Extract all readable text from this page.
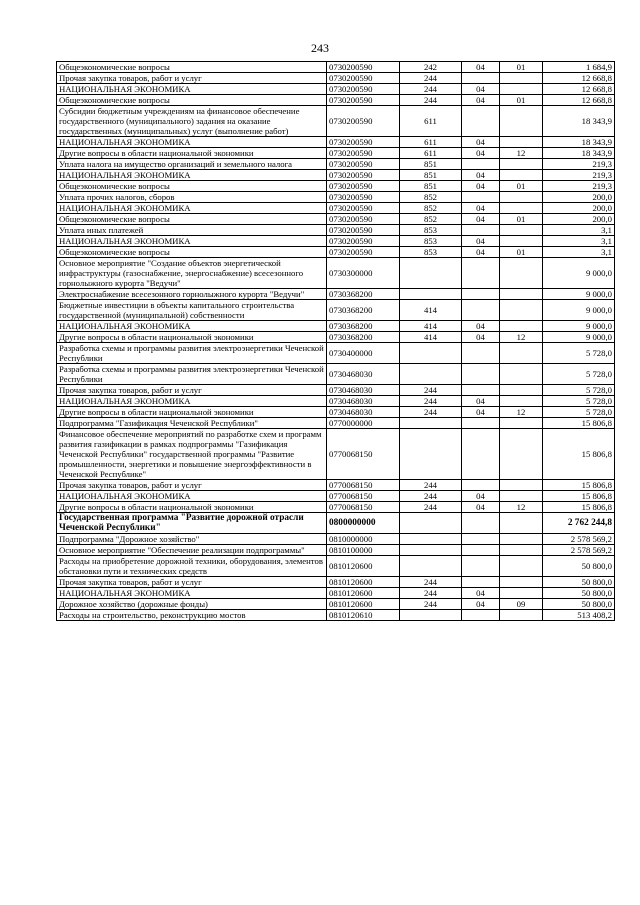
243
Общеэкономические вопросы	0730200590	242	04	01	1 684,9
Прочая закупка товаров, работ и услуг	0730200590	244			12 668,8
НАЦИОНАЛЬНАЯ ЭКОНОМИКА	0730200590	244	04		12 668,8
Общеэкономические вопросы	0730200590	244	04	01	12 668,8
Субсидии бюджетным учреждениям на финансовое обеспечение государственного (муниципального) задания на оказание государственных (муниципальных) услуг (выполнение работ)	0730200590	611			18 343,9
НАЦИОНАЛЬНАЯ ЭКОНОМИКА	0730200590	611	04		18 343,9
Другие вопросы в области национальной экономики	0730200590	611	04	12	18 343,9
Уплата налога на имущество организаций и земельного налога	0730200590	851			219,3
НАЦИОНАЛЬНАЯ ЭКОНОМИКА	0730200590	851	04		219,3
Общеэкономические вопросы	0730200590	851	04	01	219,3
Уплата прочих налогов, сборов	0730200590	852			200,0
НАЦИОНАЛЬНАЯ ЭКОНОМИКА	0730200590	852	04		200,0
Общеэкономические вопросы	0730200590	852	04	01	200,0
Уплата иных платежей	0730200590	853			3,1
НАЦИОНАЛЬНАЯ ЭКОНОМИКА	0730200590	853	04		3,1
Общеэкономические вопросы	0730200590	853	04	01	3,1
Основное мероприятие "Создание объектов энергетической инфраструктуры (газоснабжение, энергоснабжение) всесезонного горнолыжного курорта "Ведучи"	0730300000				9 000,0
Электроснабжение всесезонного горнолыжного курорта "Ведучи"	0730368200				9 000,0
Бюджетные инвестиции в объекты капитального строительства государственной (муниципальной) собственности	0730368200	414			9 000,0
НАЦИОНАЛЬНАЯ ЭКОНОМИКА	0730368200	414	04		9 000,0
Другие вопросы в области национальной экономики	0730368200	414	04	12	9 000,0
Разработка схемы и программы развития электроэнергетики Чеченской Республики	0730400000				5 728,0
Разработка схемы и программы развития электроэнергетики Чеченской Республики	0730468030				5 728,0
Прочая закупка товаров, работ и услуг	0730468030	244			5 728,0
НАЦИОНАЛЬНАЯ ЭКОНОМИКА	0730468030	244	04		5 728,0
Другие вопросы в области национальной экономики	0730468030	244	04	12	5 728,0
Подпрограмма "Газификация Чеченской Республики"	0770000000				15 806,8
Финансовое обеспечение мероприятий по разработке схем и программ развития газификации в рамках подпрограммы "Газификация Чеченской Республики" государственной программы "Развитие промышленности, энергетики и повышение энергоэффективности в Чеченской Республике"	0770068150				15 806,8
Прочая закупка товаров, работ и услуг	0770068150	244			15 806,8
НАЦИОНАЛЬНАЯ ЭКОНОМИКА	0770068150	244	04		15 806,8
Другие вопросы в области национальной экономики	0770068150	244	04	12	15 806,8
Государственная программа "Развитие дорожной отрасли Чеченской Республики"	0800000000				2 762 244,8
Подпрограмма "Дорожное хозяйство"	0810000000				2 578 569,2
Основное мероприятие "Обеспечение реализации подпрограммы"	0810100000				2 578 569,2
Расходы на приобретение дорожной техники, оборудования, элементов обстановки пути и технических средств	0810120600				50 800,0
Прочая закупка товаров, работ и услуг	0810120600	244			50 800,0
НАЦИОНАЛЬНАЯ ЭКОНОМИКА	0810120600	244	04		50 800,0
Дорожное хозяйство (дорожные фонды)	0810120600	244	04	09	50 800,0
Расходы на строительство, реконструкцию мостов	0810120610				513 408,2
